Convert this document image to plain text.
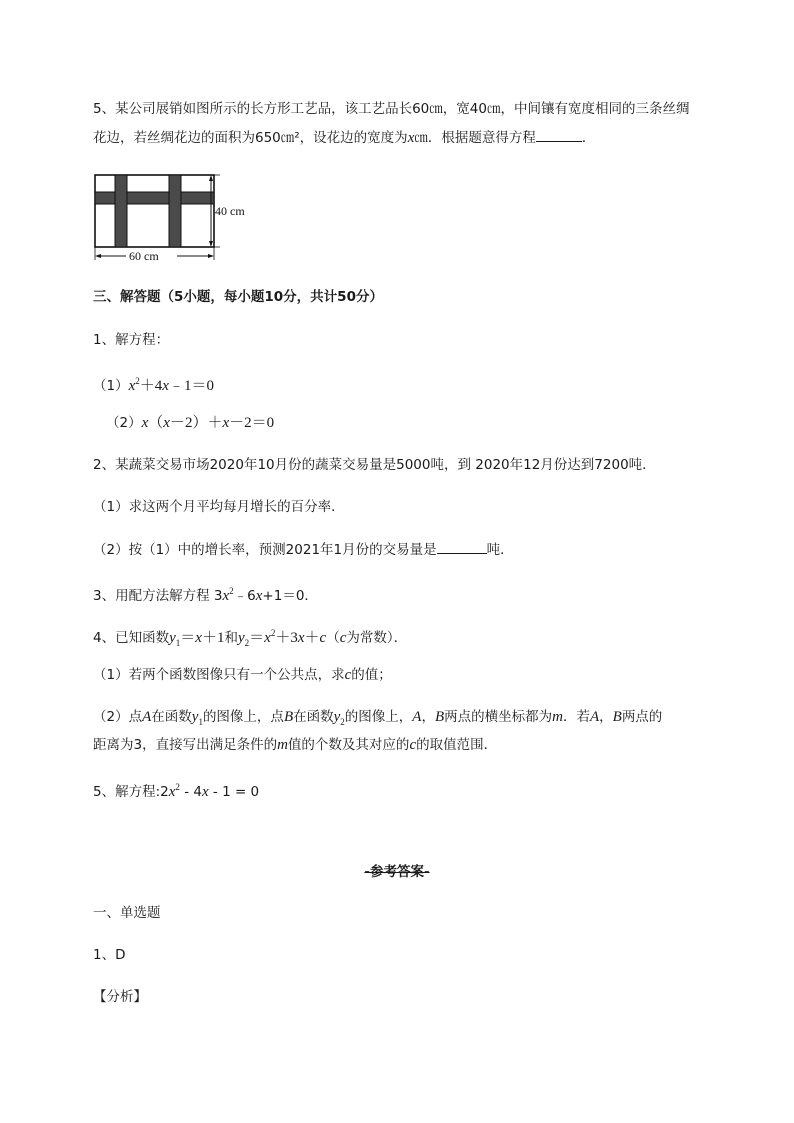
5、某公司展销如图所示的长方形工艺品，该工艺品长60㎝，宽40㎝，中间镶有宽度相同的三条丝绸
花边，若丝绸花边的面积为650㎝²，设花边的宽度为x㎝．根据题意得方程	．
40 cm
60 cm
三、解答题（5小题，每小题10分，共计50分）
1、解方程：
$(1)x^2+4x﹣1=0$
（2）x（x－2）＋x－2＝0
2、某蔬菜交易市场2020年10月份的蔬菜交易量是5000吨，到 2020年12月份达到7200吨．
（1）求这两个月平均每月增长的百分率．
（2）按（1）中的增长率，预测2021年1月份的交易量是	吨．
3、用配方法解方程 $3x^2﹣6x+1=0$．
4、已知函数$y_1=x+1$和$y_2=x^2+3x+c(c$为常数）．
（1）若两个函数图像只有一个公共点，求c的值；
（2）点A在函数$y_1$的图像上，点B在函数$y_2$的图像上，A，B两点的横坐标都为m．若A，B两点的
距离为3，直接写出满足条件的m值的个数及其对应的c的取值范围．
5、解方程$:2x^2 - 4x - 1 = 0$
-参考答案-
一、单选题
1、D
【分析】
